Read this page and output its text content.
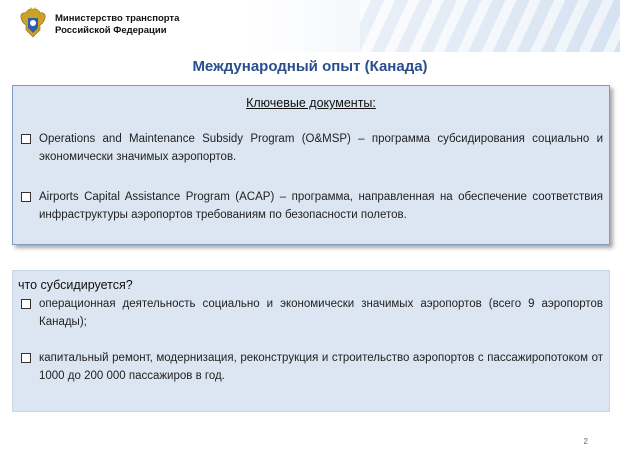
Министерство транспорта
Российской Федерации
Международный опыт (Канада)
Ключевые документы:
Operations and Maintenance Subsidy Program (O&MSP) – программа субсидирования социально и экономически значимых аэропортов.
Airports Capital Assistance Program (ACAP) – программа, направленная на обеспечение соответствия инфраструктуры аэропортов требованиям по безопасности полетов.
что субсидируется?
операционная деятельность социально и экономически значимых аэропортов (всего 9 аэропортов Канады);
капитальный ремонт, модернизация, реконструкция и строительство аэропортов с пассажиропотоком от 1000 до 200 000 пассажиров в год.
2
